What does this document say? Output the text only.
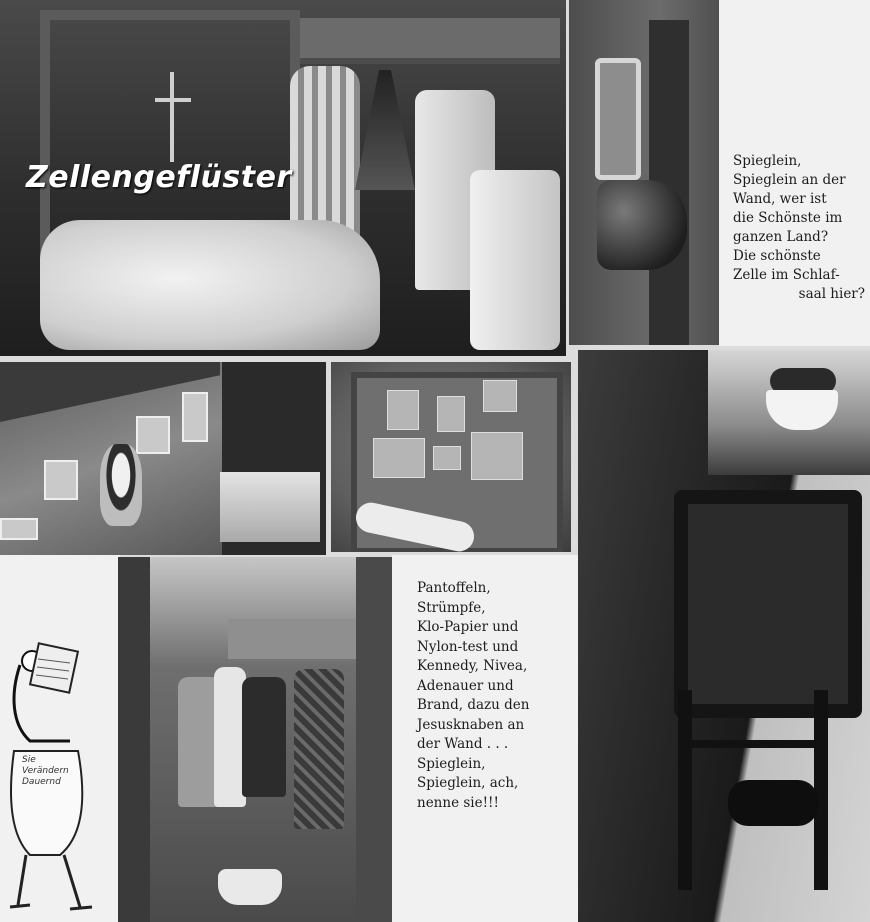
Zellengeflüster	Spieglein,
Spieglein an der
Wand, wer ist
die Schönste im
ganzen Land?
Die schönste
Zelle im Schlaf-
saal hier?
Sie
Verändern
Dauernd
Pantoffeln,
Strümpfe,
Klo-Papier und
Nylon-test und
Kennedy, Nivea,
Adenauer und
Brand, dazu den
Jesusknaben an
der Wand . . .
Spieglein,
Spieglein, ach,
nenne sie!!!
